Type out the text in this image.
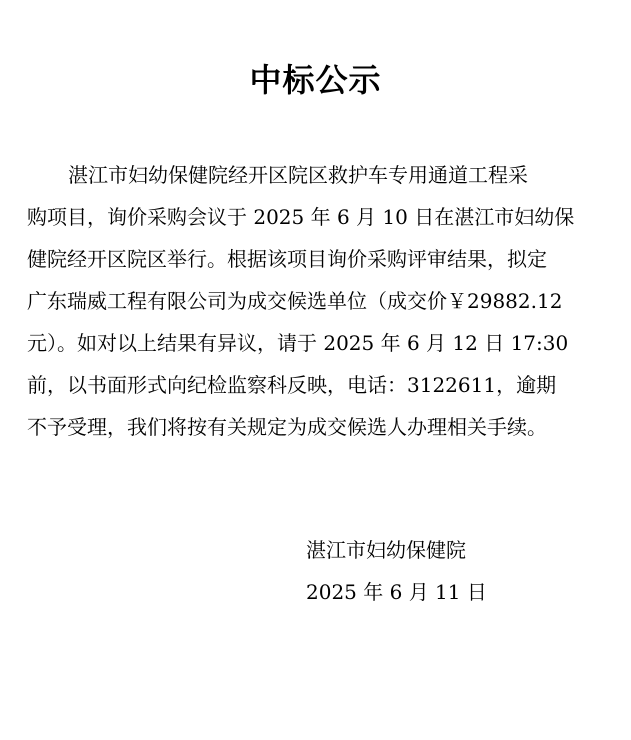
中标公示
湛江市妇幼保健院经开区院区救护车专用通道工程采
购项目，询价采购会议于 2025 年 6 月 10 日在湛江市妇幼保
健院经开区院区举行。根据该项目询价采购评审结果，拟定
广东瑞威工程有限公司为成交候选单位（成交价￥29882.12
元）。如对以上结果有异议，请于 2025 年 6 月 12 日 17:30
前，以书面形式向纪检监察科反映，电话：3122611，逾期
不予受理，我们将按有关规定为成交候选人办理相关手续。
湛江市妇幼保健院
2025 年 6 月 11 日
